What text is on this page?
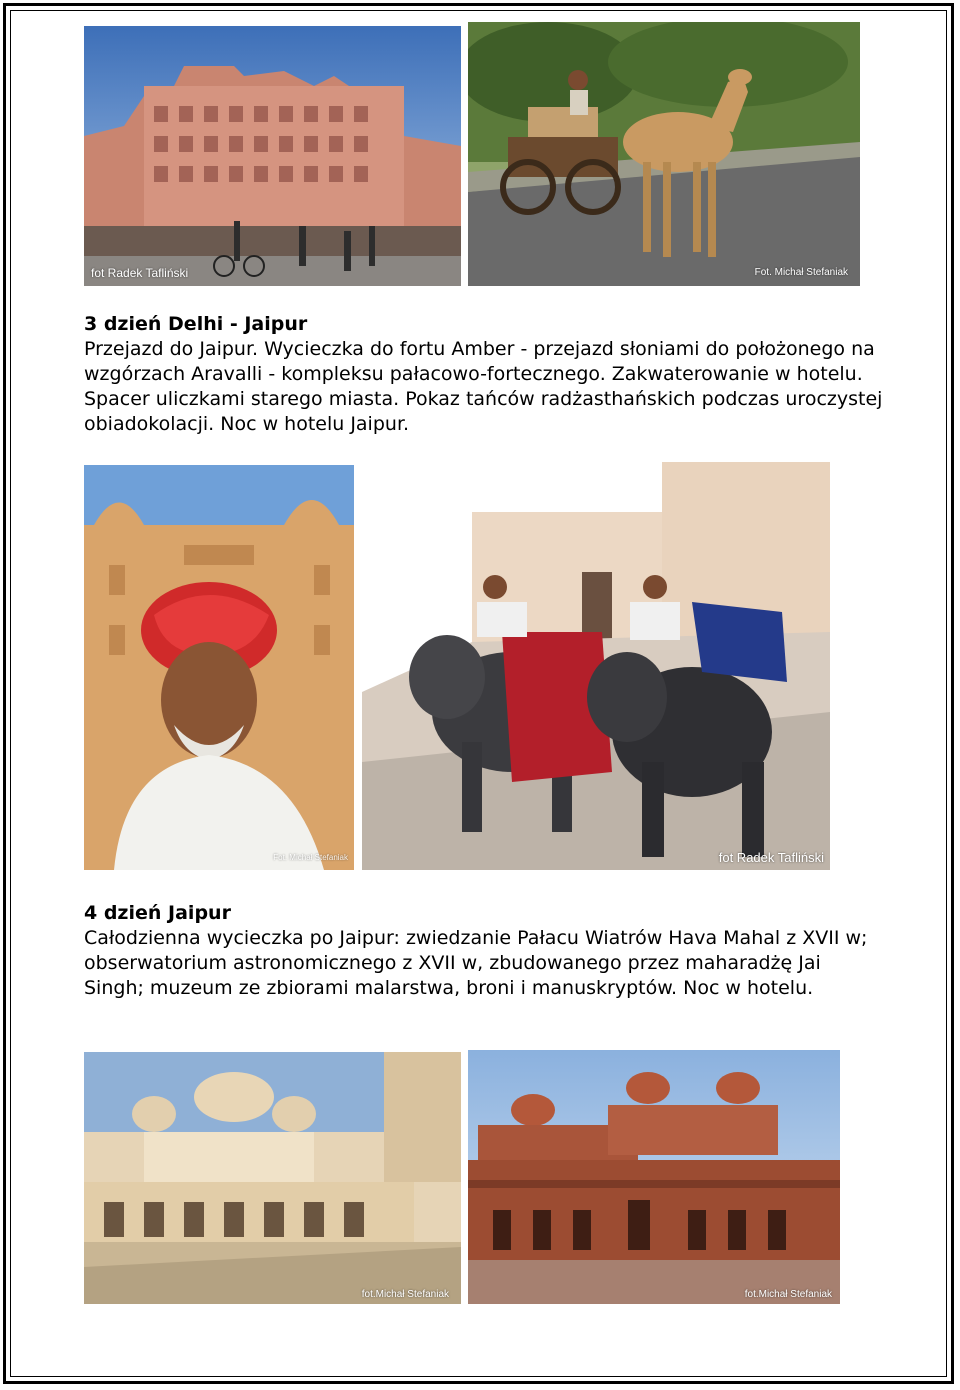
fot Radek Tafliński	Fot. Michał Stefaniak
3 dzień Delhi - Jaipur

Przejazd do Jaipur. Wycieczka do fortu Amber - przejazd słoniami do położonego na wzgórzach Aravalli - kompleksu pałacowo-fortecznego. Zakwaterowanie w hotelu. Spacer uliczkami starego miasta. Pokaz tańców radżasthańskich podczas uroczystej obiadokolacji. Noc w hotelu Jaipur.

Fot. Michał Stefaniak	fot Radek Tafliński
4 dzień Jaipur

Całodzienna wycieczka po Jaipur: zwiedzanie Pałacu Wiatrów Hava Mahal z XVII w; obserwatorium astronomicznego z XVII w, zbudowanego przez maharadżę Jai Singh; muzeum ze zbiorami malarstwa, broni i manuskryptów. Noc w hotelu.

fot.Michał Stefaniak	fot.Michał Stefaniak
